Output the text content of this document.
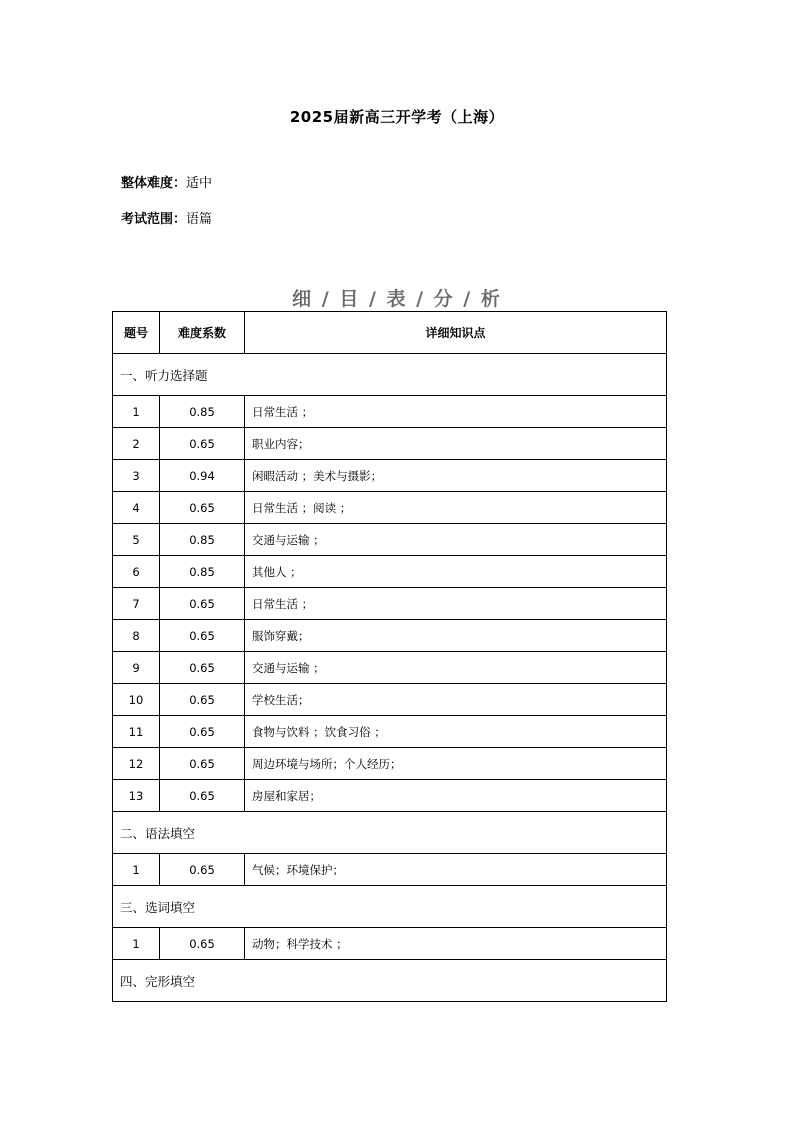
2025届新高三开学考（上海）
整体难度：适中
考试范围：语篇
细 / 目 / 表 / 分 / 析
题号	难度系数	详细知识点
一、听力选择题		
1	0.85	日常生活 ；
2	0.65	职业内容；
3	0.94	闲暇活动 ；美术与摄影；
4	0.65	日常生活 ；阅读 ；
5	0.85	交通与运输 ；
6	0.85	其他人 ；
7	0.65	日常生活 ；
8	0.65	服饰穿戴；
9	0.65	交通与运输 ；
10	0.65	学校生活；
11	0.65	食物与饮料 ；饮食习俗 ；
12	0.65	周边环境与场所；个人经历；
13	0.65	房屋和家居；
二、语法填空		
1	0.65	气候；环境保护；
三、选词填空		
1	0.65	动物；科学技术 ；
四、完形填空		
